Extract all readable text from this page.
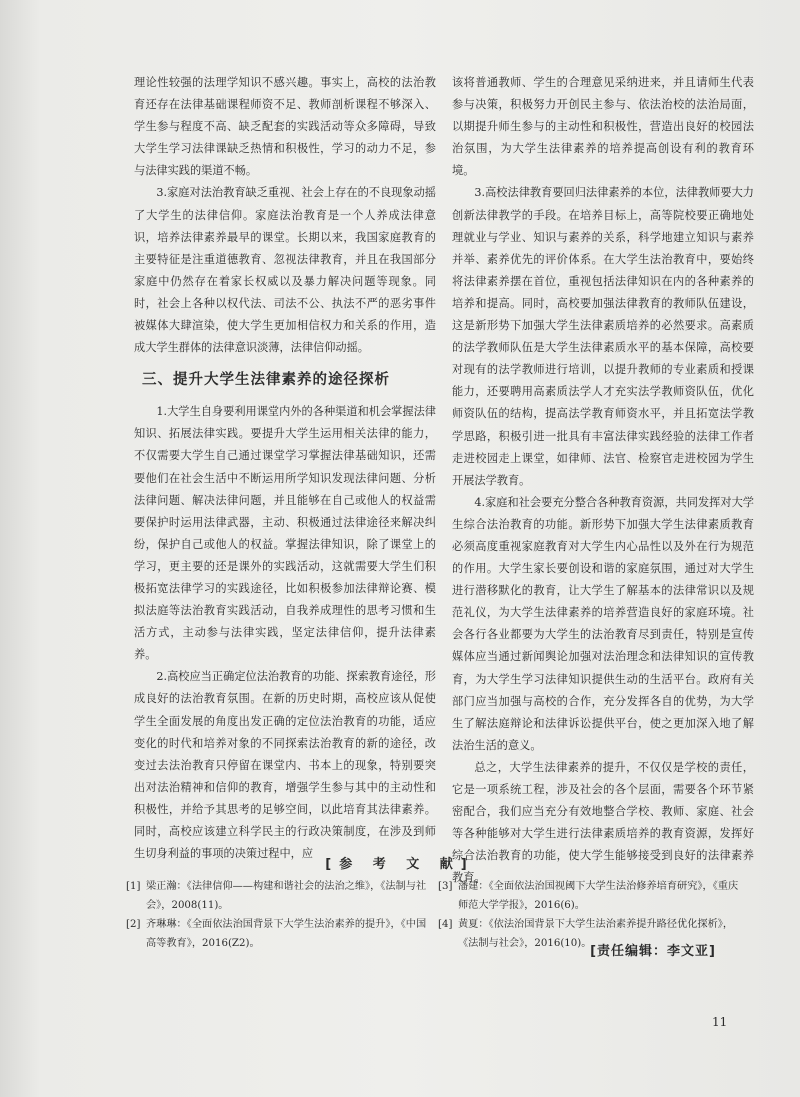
理论性较强的法理学知识不感兴趣。事实上，高校的法治教育还存在法律基础课程师资不足、教师剖析课程不够深入、学生参与程度不高、缺乏配套的实践活动等众多障碍，导致大学生学习法律课缺乏热情和积极性，学习的动力不足，参与法律实践的渠道不畅。

3.家庭对法治教育缺乏重视、社会上存在的不良现象动摇了大学生的法律信仰。家庭法治教育是一个人养成法律意识，培养法律素养最早的课堂。长期以来，我国家庭教育的主要特征是注重道德教育、忽视法律教育，并且在我国部分家庭中仍然存在着家长权威以及暴力解决问题等现象。同时，社会上各种以权代法、司法不公、执法不严的恶劣事件被媒体大肆渲染，使大学生更加相信权力和关系的作用，造成大学生群体的法律意识淡薄，法律信仰动摇。

三、提升大学生法律素养的途径探析

1.大学生自身要利用课堂内外的各种渠道和机会掌握法律知识、拓展法律实践。要提升大学生运用相关法律的能力，不仅需要大学生自己通过课堂学习掌握法律基础知识，还需要他们在社会生活中不断运用所学知识发现法律问题、分析法律问题、解决法律问题，并且能够在自己或他人的权益需要保护时运用法律武器，主动、积极通过法律途径来解决纠纷，保护自己或他人的权益。掌握法律知识，除了课堂上的学习，更主要的还是课外的实践活动，这就需要大学生们积极拓宽法律学习的实践途径，比如积极参加法律辩论赛、模拟法庭等法治教育实践活动，自我养成理性的思考习惯和生活方式，主动参与法律实践，坚定法律信仰，提升法律素养。

2.高校应当正确定位法治教育的功能、探索教育途径，形成良好的法治教育氛围。在新的历史时期，高校应该从促使学生全面发展的角度出发正确的定位法治教育的功能，适应变化的时代和培养对象的不同探索法治教育的新的途径，改变过去法治教育只停留在课堂内、书本上的现象，特别要突出对法治精神和信仰的教育，增强学生参与其中的主动性和积极性，并给予其思考的足够空间，以此培育其法律素养。同时，高校应该建立科学民主的行政决策制度，在涉及到师生切身利益的事项的决策过程中，应

该将普通教师、学生的合理意见采纳进来，并且请师生代表参与决策，积极努力开创民主参与、依法治校的法治局面，以期提升师生参与的主动性和积极性，营造出良好的校园法治氛围，为大学生法律素养的培养提高创设有利的教育环境。

3.高校法律教育要回归法律素养的本位，法律教师要大力创新法律教学的手段。在培养目标上，高等院校要正确地处理就业与学业、知识与素养的关系，科学地建立知识与素养并举、素养优先的评价体系。在大学生法治教育中，要始终将法律素养摆在首位，重视包括法律知识在内的各种素养的培养和提高。同时，高校要加强法律教育的教师队伍建设，这是新形势下加强大学生法律素质培养的必然要求。高素质的法学教师队伍是大学生法律素质水平的基本保障，高校要对现有的法学教师进行培训，以提升教师的专业素质和授课能力，还要聘用高素质法学人才充实法学教师资队伍，优化师资队伍的结构，提高法学教育师资水平，并且拓宽法学教学思路，积极引进一批具有丰富法律实践经验的法律工作者走进校园走上课堂，如律师、法官、检察官走进校园为学生开展法学教育。

4.家庭和社会要充分整合各种教育资源，共同发挥对大学生综合法治教育的功能。新形势下加强大学生法律素质教育必须高度重视家庭教育对大学生内心品性以及外在行为规范的作用。大学生家长要创设和谐的家庭氛围，通过对大学生进行潜移默化的教育，让大学生了解基本的法律常识以及规范礼仪，为大学生法律素养的培养营造良好的家庭环境。社会各行各业都要为大学生的法治教育尽到责任，特别是宣传媒体应当通过新闻舆论加强对法治理念和法律知识的宣传教育，为大学生学习法律知识提供生动的生活平台。政府有关部门应当加强与高校的合作，充分发挥各自的优势，为大学生了解法庭辩论和法律诉讼提供平台，使之更加深入地了解法治生活的意义。

总之，大学生法律素养的提升，不仅仅是学校的责任，它是一项系统工程，涉及社会的各个层面，需要各个环节紧密配合，我们应当充分有效地整合学校、教师、家庭、社会等各种能够对大学生进行法律素质培养的教育资源，发挥好综合法治教育的功能，使大学生能够接受到良好的法律素养教育。

[参 考 文 献]
[1] 梁正瀚：《法律信仰——构建和谐社会的法治之维》，《法制与社会》，2008(11)。
[2] 齐琳琳：《全面依法治国背景下大学生法治素养的提升》，《中国高等教育》，2016(Z2)。
[3] 潘建：《全面依法治国视阈下大学生法治修养培育研究》，《重庆师范大学学报》，2016(6)。
[4] 黄夏：《依法治国背景下大学生法治素养提升路径优化探析》，《法制与社会》，2016(10)。
[责任编辑：李文亚]
11
